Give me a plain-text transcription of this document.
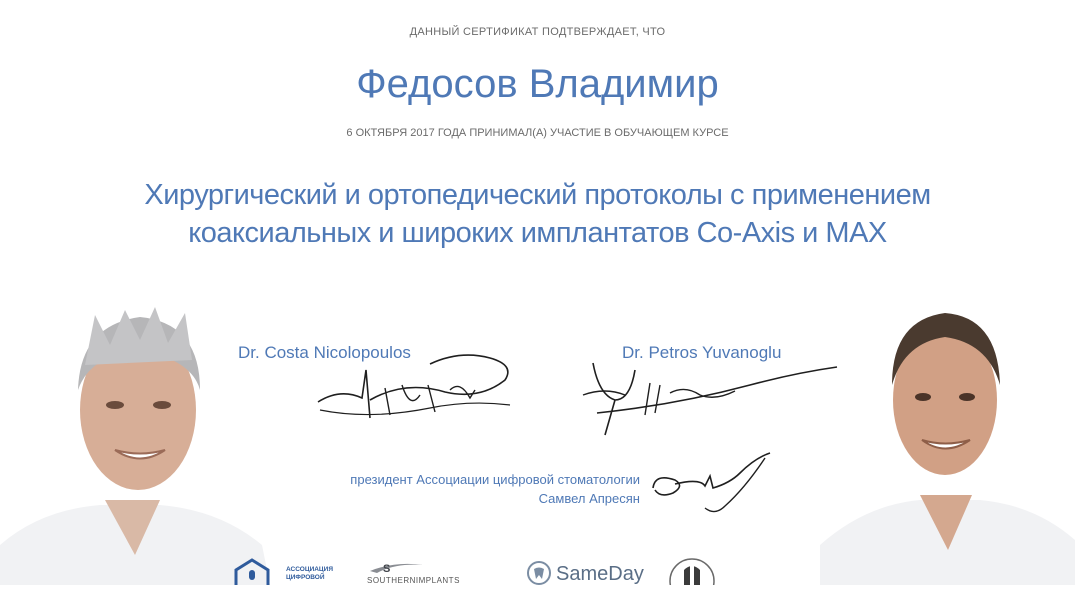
ДАННЫЙ СЕРТИФИКАТ ПОДТВЕРЖДАЕТ, ЧТО
Федосов Владимир
6 ОКТЯБРЯ 2017 ГОДА ПРИНИМАЛ(А) УЧАСТИЕ В ОБУЧАЮЩЕМ КУРСЕ
Хирургический и ортопедический протоколы с применением
коаксиальных и широких имплантатов Co-Axis и MAX
Dr. Costa Nicolopoulos	Dr. Petros Yuvanoglu
президент Ассоциации цифровой стоматологии
Самвел Апресян
АССОЦИАЦИЯ
ЦИФРОВОЙ
S
SOUTHERNIMPLANTS	SameDay
